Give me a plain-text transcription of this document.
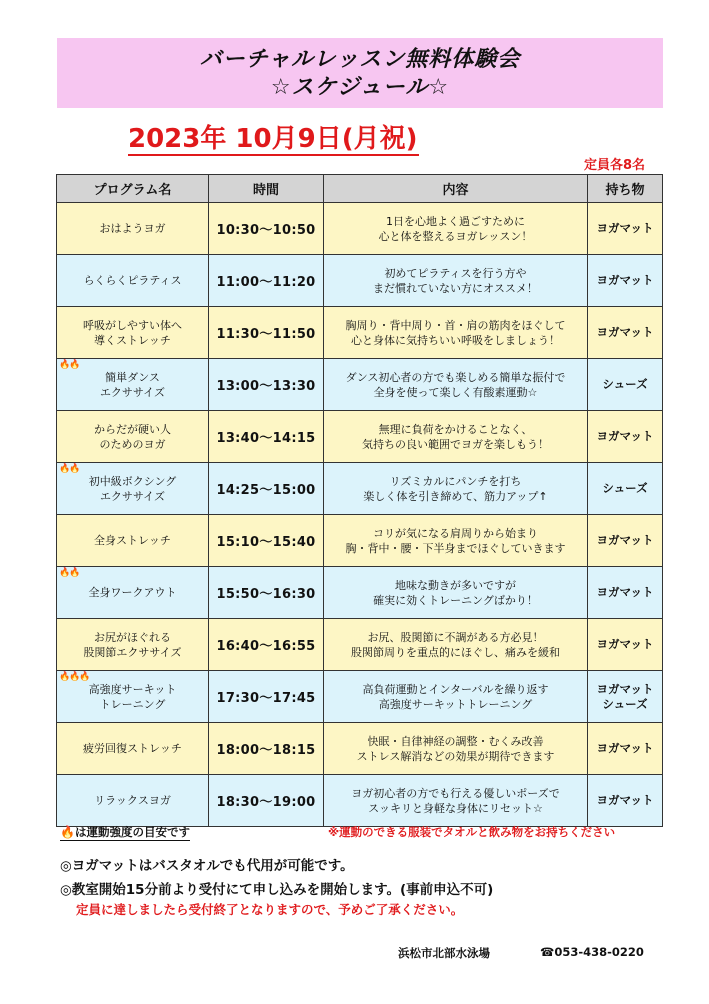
バーチャルレッスン無料体験会
☆スケジュール☆
2023年 10月9日(月祝)
定員各8名
プログラム名	時間	内容	持ち物

おはようヨガ	10:30〜10:50	1日を心地よく過ごすために
心と体を整えるヨガレッスン！	ヨガマット

らくらくピラティス	11:00〜11:20	初めてピラティスを行う方や
まだ慣れていない方にオススメ！	ヨガマット

呼吸がしやすい体へ
導くストレッチ	11:30〜11:50	胸周り・背中周り・首・肩の筋肉をほぐして
心と身体に気持ちいい呼吸をしましょう！	ヨガマット

🔥🔥
簡単ダンス
エクササイズ	13:00〜13:30	ダンス初心者の方でも楽しめる簡単な振付で
全身を使って楽しく有酸素運動☆	シューズ

からだが硬い人
のためのヨガ	13:40〜14:15	無理に負荷をかけることなく、
気持ちの良い範囲でヨガを楽しもう！	ヨガマット

🔥🔥
初中級ボクシング
エクササイズ	14:25〜15:00	リズミカルにパンチを打ち
楽しく体を引き締めて、筋力アップ↑	シューズ

全身ストレッチ	15:10〜15:40	コリが気になる肩周りから始まり
胸・背中・腰・下半身までほぐしていきます	ヨガマット

🔥🔥
全身ワークアウト	15:50〜16:30	地味な動きが多いですが
確実に効くトレーニングばかり！	ヨガマット

お尻がほぐれる
股関節エクササイズ	16:40〜16:55	お尻、股関節に不調がある方必見！
股関節周りを重点的にほぐし、痛みを緩和	ヨガマット

🔥🔥🔥
高強度サーキット
トレーニング	17:30〜17:45	高負荷運動とインターバルを繰り返す
高強度サーキットトレーニング	ヨガマット
シューズ

疲労回復ストレッチ	18:00〜18:15	快眠・自律神経の調整・むくみ改善
ストレス解消などの効果が期待できます	ヨガマット

リラックスヨガ	18:30〜19:00	ヨガ初心者の方でも行える優しいポーズで
スッキリと身軽な身体にリセット☆	ヨガマット
🔥は運動強度の目安です	※運動のできる服装でタオルと飲み物をお持ちください
◎ヨガマットはバスタオルでも代用が可能です。
◎教室開始15分前より受付にて申し込みを開始します。(事前申込不可)
定員に達しましたら受付終了となりますので、予めご了承ください。
浜松市北部水泳場	☎053-438-0220
